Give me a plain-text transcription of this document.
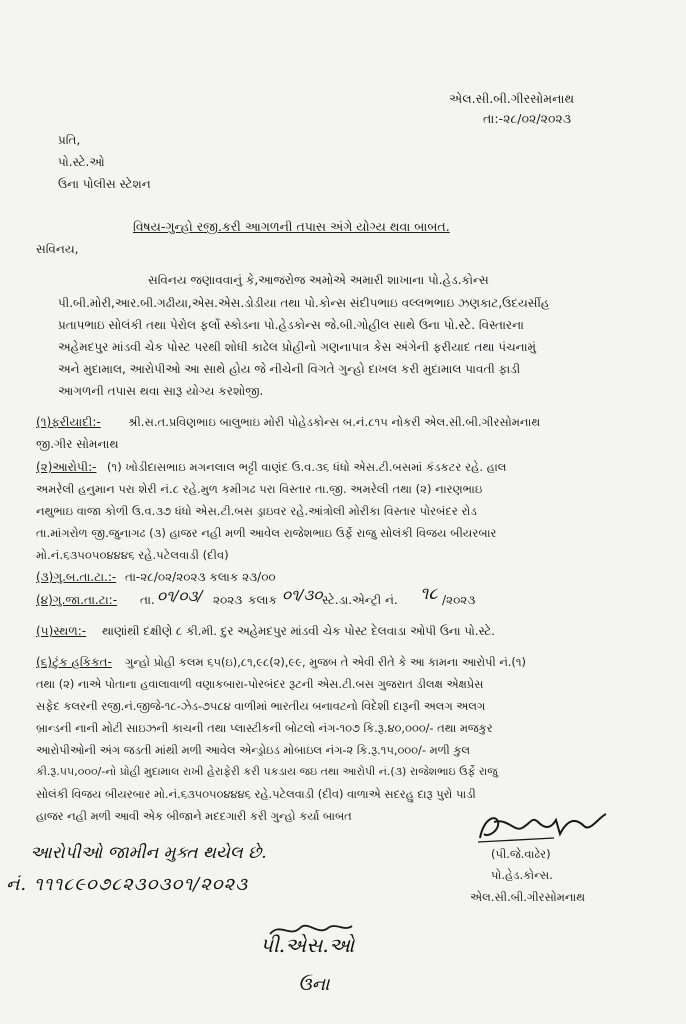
એલ.સી.બી.ગીરસોમનાથ
તા:-૨૮/૦૨/૨૦૨૩
પ્રતિ,
પો.સ્ટે.ઓ
ઉના પોલીસ સ્ટેશન
વિષય-ગુન્હો રજી.કરી આગળની તપાસ અંગે યોગ્ય થવા બાબત.
સવિનય,
સવિનય જણાવવાનું કે,આજરોજ અમોએ અમારી શાખાના પો.હેડ.કોન્સ
પી.બી.મોરી,આર.બી.ગઢીયા,એસ.એસ.ડોડીયા તથા પો.કોન્સ સંદીપભાઇ વલ્લભભાઇ ઝણકાટ,ઉદયસીંહ
પ્રતાપભાઇ સોલંકી તથા પેરોલ ફર્લો સ્કોડના પો.હેડકોન્સ જે.બી.ગોહીલ સાથે ઉના પો.સ્ટે. વિસ્તારના
અહેમદપુર માંડવી ચેક પોસ્ટ પરથી શોધી કાઢેલ પ્રોહીનો ગણનાપાત્ર કેસ અંગેની ફરીયાદ તથા પંચનામું
અને મુદામાલ, આરોપીઓ આ સાથે હોય જે નીચેની વિગતે ગુન્હો દાખલ કરી મુદામાલ પાવતી ફાડી
આગળની તપાસ થવા સારૂ યોગ્ય કરશોજી.
(૧)ફરીયાદી:- શ્રી.સ.ત.પ્રવિણભાઇ બાલુભાઇ મોરી પોહેડકોન્સ બ.નં.૮૧૫ નોકરી એલ.સી.બી.ગીરસોમનાથ
જી.ગીર સોમનાથ
(૨)આરોપી:- (૧) ખોડીદાસભાઇ મગનલાલ ભટ્ટી વાણંદ ઉ.વ.૩૬ ધંધો એસ.ટી.બસમાં કંડકટર રહે. હાલ
અમરેલી હનુમાન પરા શેરી નં.૮ રહે.મુળ કમીગઢ પરા વિસ્તાર તા.જી. અમરેલી તથા (૨) નારણભાઇ
નથુભાઇ વાજા કોળી ઉ.વ.૩૭ ધંધો એસ.ટી.બસ ડ્રાઇવર રહે.આંત્રોલી મોરીકા વિસ્તાર પોરબંદર રોડ
તા.માંગરોળ જી.જુનાગઢ (૩) હાજર નહી મળી આવેલ રાજેશભાઇ ઉર્ફે રાજુ સોલંકી વિજય બીયરબાર
મો.નં.૬૩૫૦૫૦૪૪૪૬ રહે.પટેલવાડી (દીવ)
(૩)ગુ.બ.તા.ટા.:- તા-૨૮/૦૨/૨૦૨૩ કલાક ૨૩/૦૦
(૪)ગુ.જા.તા.ટા:- તા. ૦૧/૦૩/ ૨૦૨૩ કલાક ૦૧/૩૦ સ્ટે.ડા.એન્ટ્રી નં. ૧૮ /૨૦૨૩
(૫)સ્થળ:- થાણાંથી દક્ષીણે ૮ કી.મી. દુર અહેમદપુર માંડવી ચેક પોસ્ટ દેલવાડા ઓપી ઉના પો.સ્ટે.
(૬)ટુંક હકિકત- ગુન્હો પ્રોહી કલમ ૬૫(ઇ),૮૧,૯૮(૨),૯૯, મુજબ તે એવી રીતે કે આ કામના આરોપી નં.(૧)
તથા (૨) નાએ પોતાના હવાલાવાળી વણાકબારા-પોરબંદર રૂટની એસ.ટી.બસ ગુજરાત ડીલક્ષ એક્ષપ્રેસ
સફેદ કલરની રજી.નં.જીજે-૧૮-ઝેડ-૭૫૮૪ વાળીમાં ભારતીય બનાવટનો વિદેશી દારૂની અલગ અલગ
બ્રાન્ડની નાની મોટી સાઇઝની કાચની તથા પ્લાસ્ટીકની બોટલો નંગ-૧૦૭ કિ.રૂ.૪૦,૦૦૦/- તથા મજકુર
આરોપીઓની અંગ જડતી માંથી મળી આવેલ એન્ડ્રોઇડ મોબાઇલ નંગ-૨ કિ.રૂ.૧૫,૦૦૦/- મળી કુલ
કી.રૂ.૫૫,૦૦૦/-નો પ્રોહી મુદામાલ રાખી હેરાફેરી કરી પકડાય જઇ તથા આરોપી નં.(૩) રાજેશભાઇ ઉર્ફે રાજુ
સોલંકી વિજય બીયરબાર મો.નં.૬૩૫૦૫૦૪૪૪૬ રહે.પટેલવાડી (દીવ) વાળાએ સદરહુ દારૂ પુરો પાડી
હાજર નહી મળી આવી એક બીજાને મદદગારી કરી ગુન્હો કર્યા બાબત
આરોપીઓ જામીન મુક્ત થયેલ છે.
નં. ૧૧૧૮૯૦૭૮૨૩૦૩૦૧/૨૦૨૩
(પી.જે.વાઢેર)
પો.હેડ.કોન્સ.
એલ.સી.બી.ગીરસોમનાથ
પી.એસ.ઓ
ઉના
